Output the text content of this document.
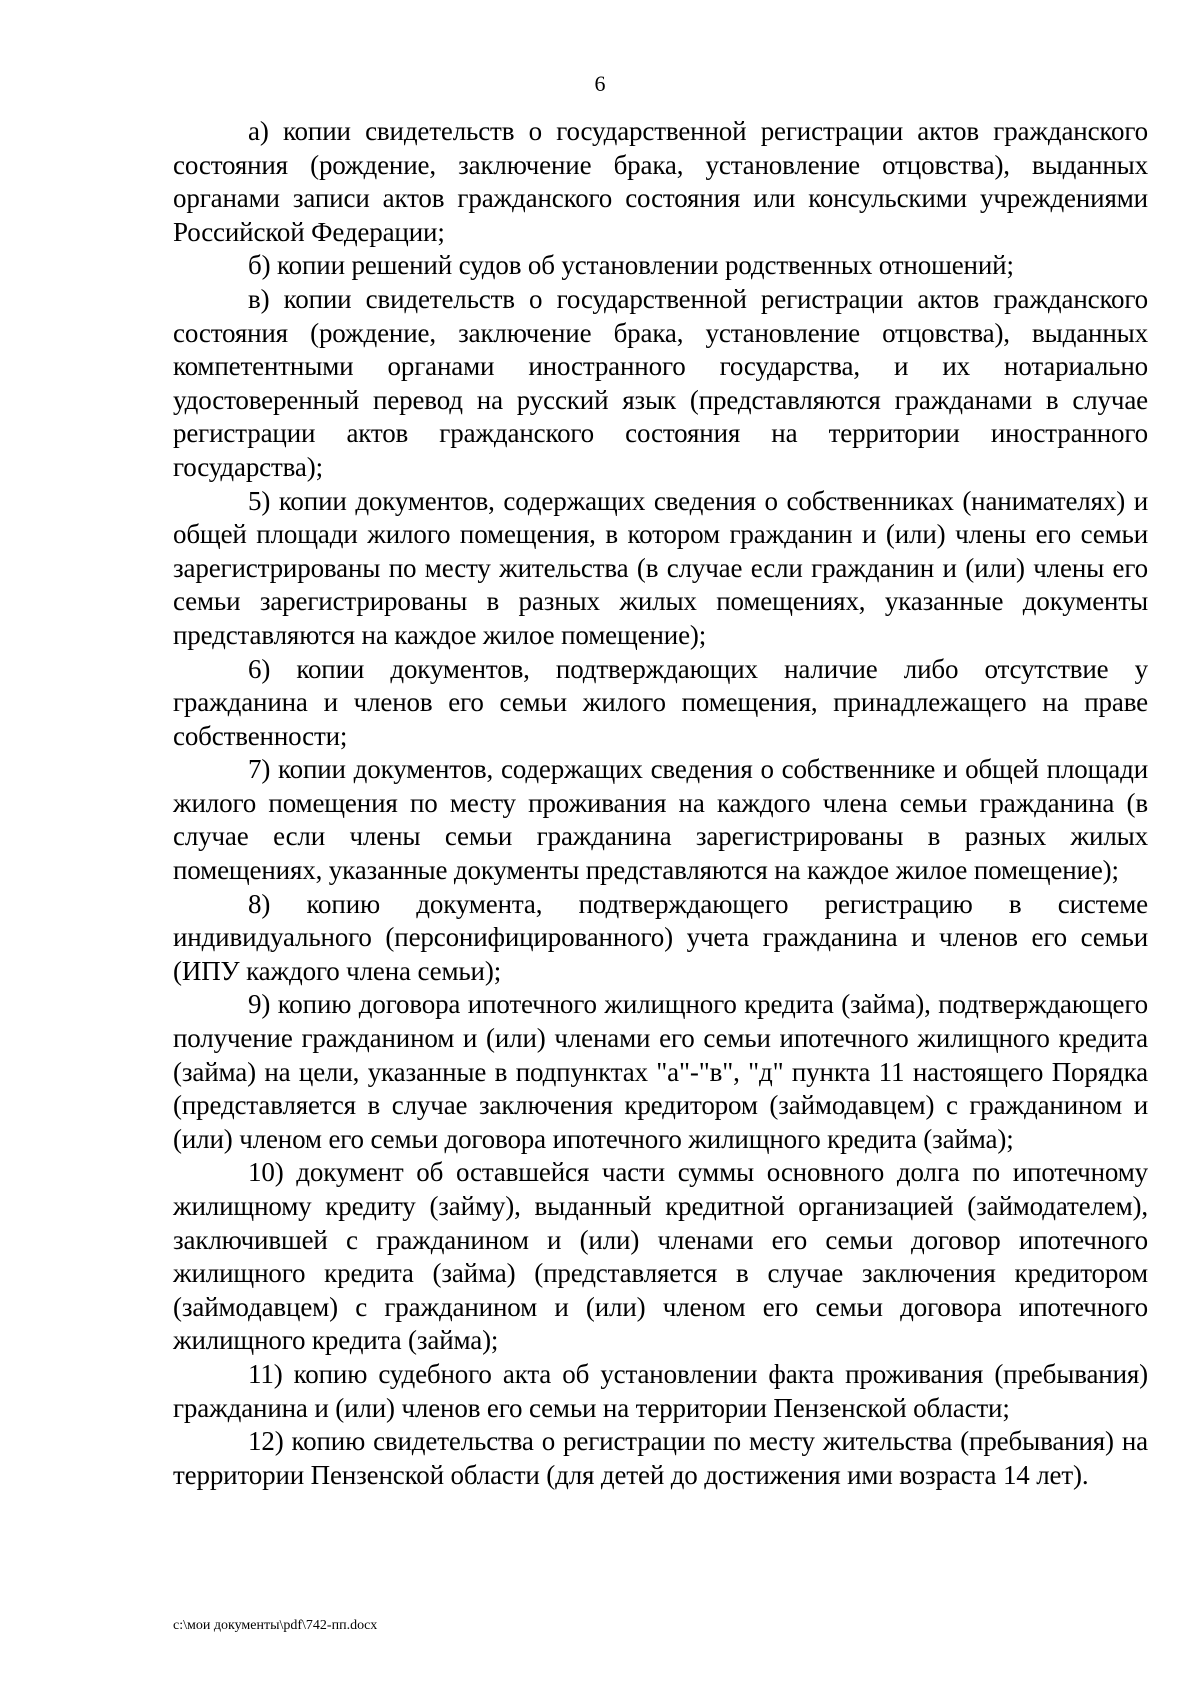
6

а) копии свидетельств о государственной регистрации актов гражданского состояния (рождение, заключение брака, установление отцовства), выданных органами записи актов гражданского состояния или консульскими учреждениями Российской Федерации;

б) копии решений судов об установлении родственных отношений;

в) копии свидетельств о государственной регистрации актов гражданского состояния (рождение, заключение брака, установление отцовства), выданных компетентными органами иностранного государства, и их нотариально удостоверенный перевод на русский язык (представляются гражданами в случае регистрации актов гражданского состояния на территории иностранного государства);

5) копии документов, содержащих сведения о собственниках (нанимателях) и общей площади жилого помещения, в котором гражданин и (или) члены его семьи зарегистрированы по месту жительства (в случае если гражданин и (или) члены его семьи зарегистрированы в разных жилых помещениях, указанные документы представляются на каждое жилое помещение);

6) копии документов, подтверждающих наличие либо отсутствие у гражданина и членов его семьи жилого помещения, принадлежащего на праве собственности;

7) копии документов, содержащих сведения о собственнике и общей площади жилого помещения по месту проживания на каждого члена семьи гражданина (в случае если члены семьи гражданина зарегистрированы в разных жилых помещениях, указанные документы представляются на каждое жилое помещение);

8) копию документа, подтверждающего регистрацию в системе индивидуального (персонифицированного) учета гражданина и членов его семьи (ИПУ каждого члена семьи);

9) копию договора ипотечного жилищного кредита (займа), подтверждающего получение гражданином и (или) членами его семьи ипотечного жилищного кредита (займа) на цели, указанные в подпунктах "а"-"в", "д" пункта 11 настоящего Порядка (представляется в случае заключения кредитором (займодавцем) с гражданином и (или) членом его семьи договора ипотечного жилищного кредита (займа);

10) документ об оставшейся части суммы основного долга по ипотечному жилищному кредиту (займу), выданный кредитной организацией (займодателем), заключившей с гражданином и (или) членами его семьи договор ипотечного жилищного кредита (займа) (представляется в случае заключения кредитором (займодавцем) с гражданином и (или) членом его семьи договора ипотечного жилищного кредита (займа);

11) копию судебного акта об установлении факта проживания (пребывания) гражданина и (или) членов его семьи на территории Пензенской области;

12) копию свидетельства о регистрации по месту жительства (пребывания) на территории Пензенской области (для детей до достижения ими возраста 14 лет).

c:\мои документы\pdf\742-пп.docx
